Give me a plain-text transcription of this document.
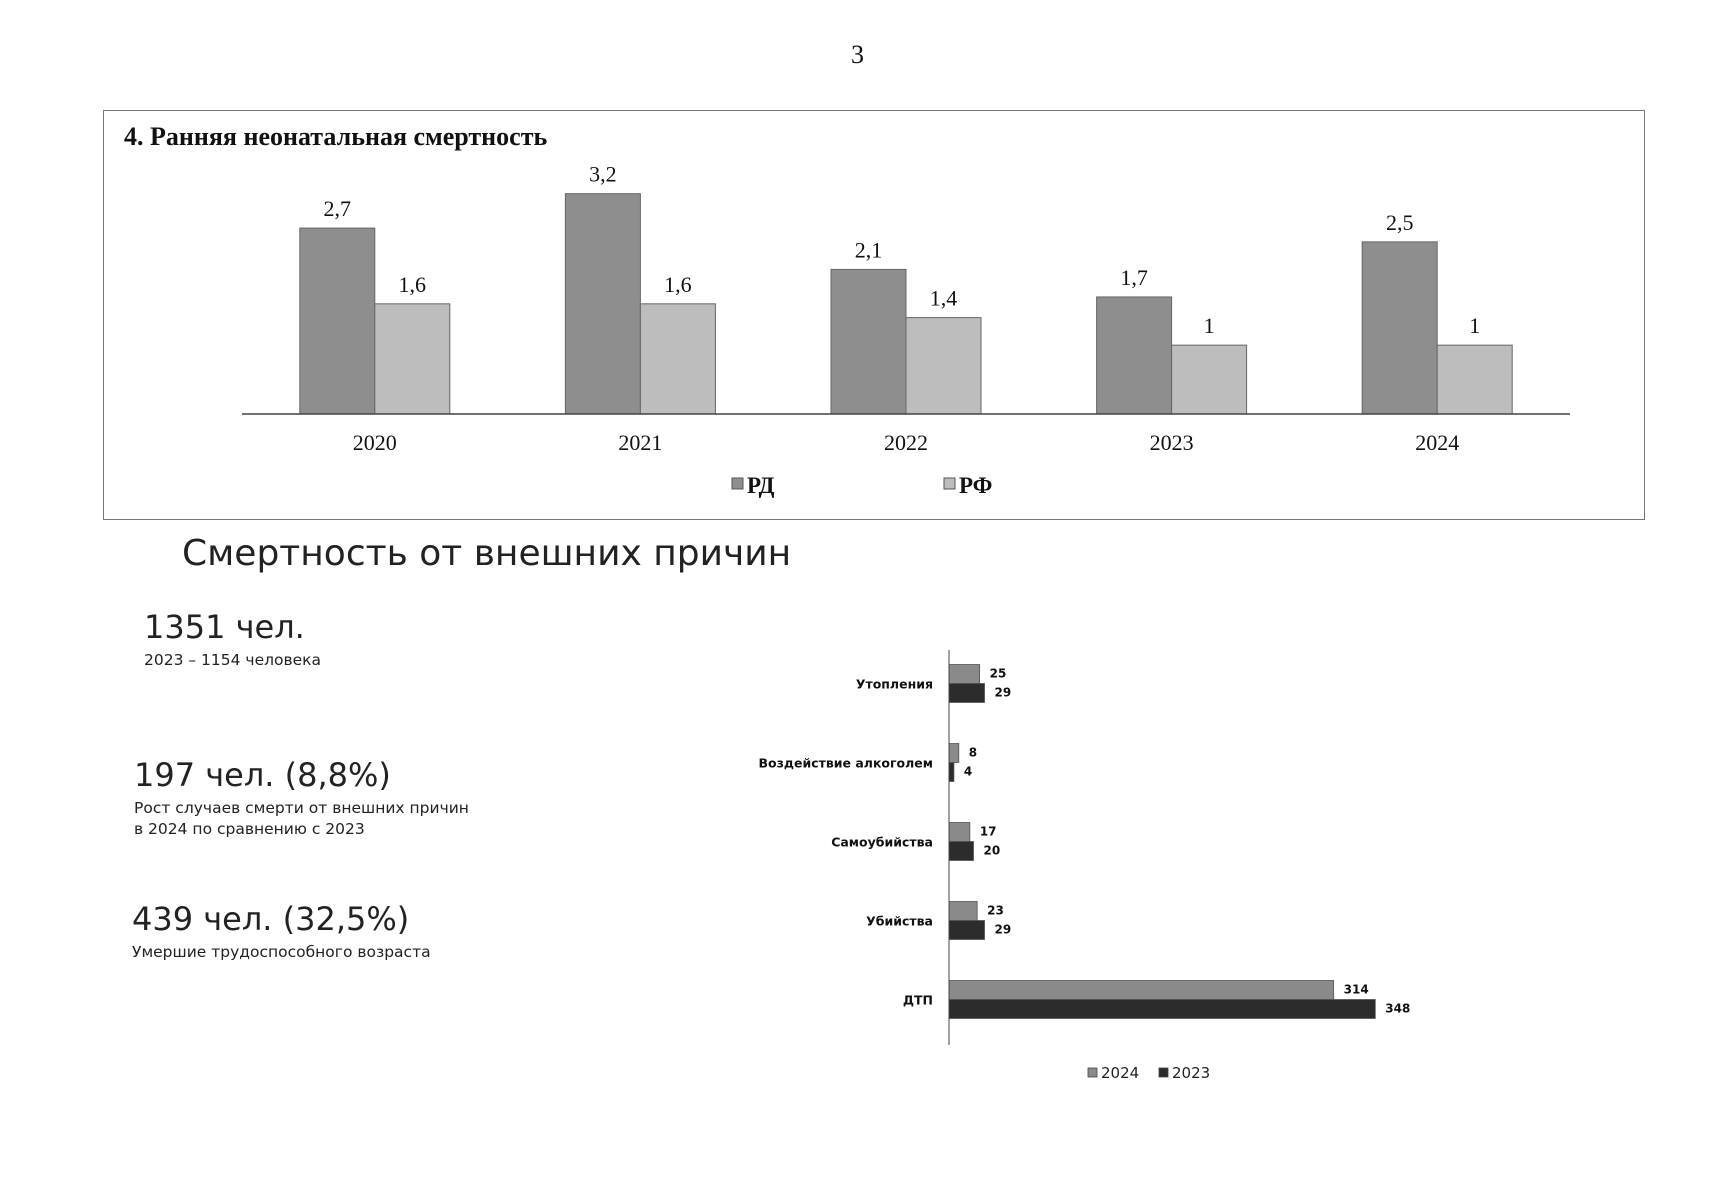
3
4. Ранняя неонатальная смертность
2,7
1,6
2020
3,2
1,6
2021
2,1
1,4
2022
1,7
1
2023
2,5
1
2024
РД	РФ
Смертность от внешних причин
1351 чел.
2023 – 1154 человека
197 чел. (8,8%)
Рост случаев смерти от внешних причин
в 2024 по сравнению с 2023
439 чел. (32,5%)
Умершие трудоспособного возраста
25
29
Утопления
8
4
Воздействие алкоголем
17
20
Самоубийства
23
29
Убийства
314
348
ДТП
2024 2023
